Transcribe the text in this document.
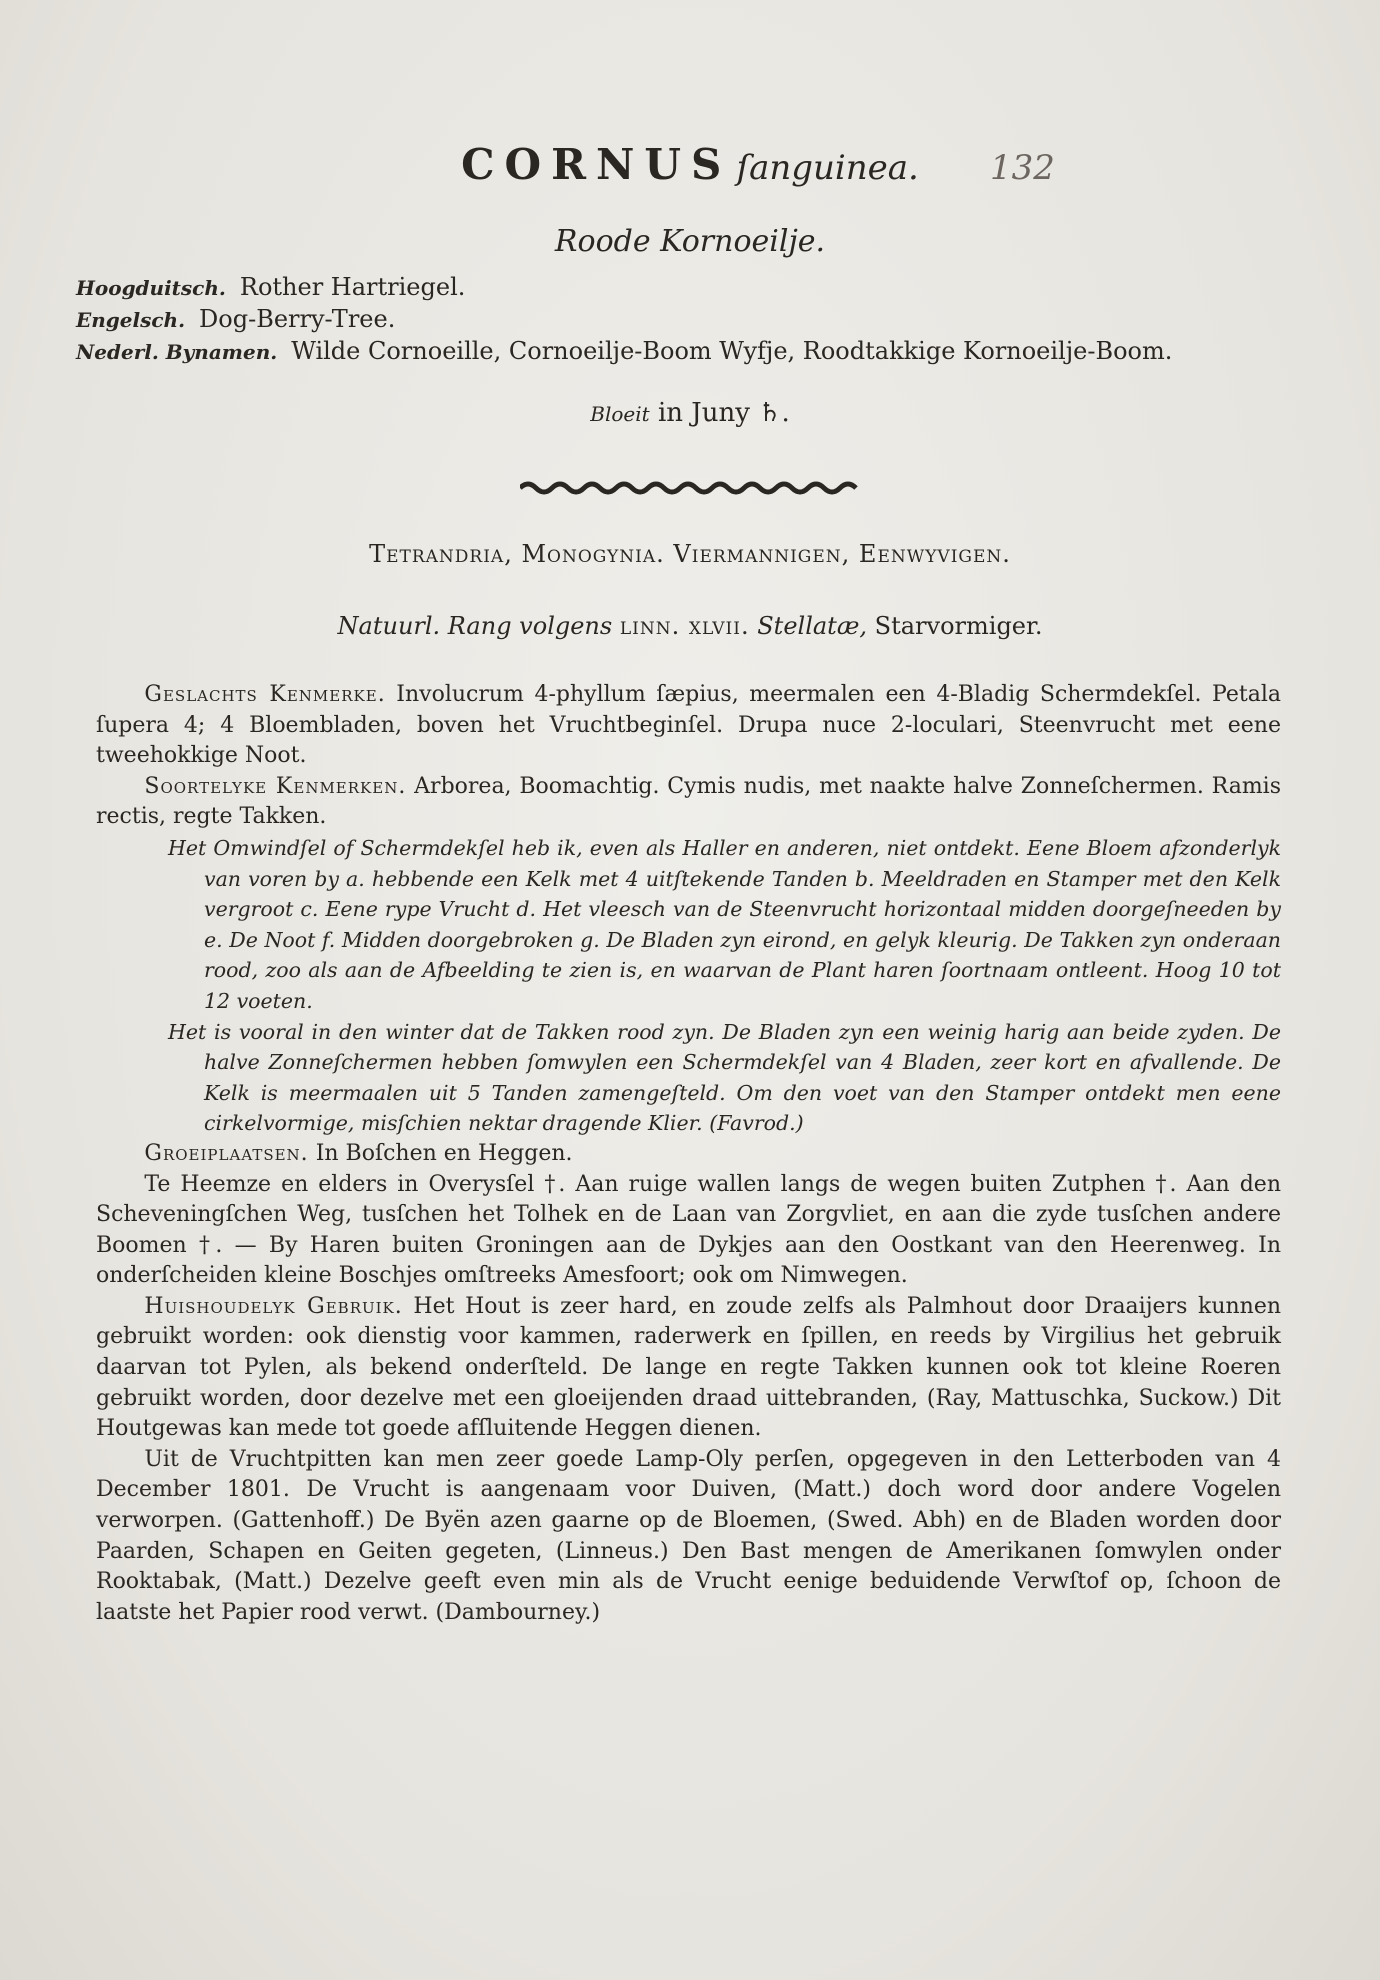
CORNUS ſanguinea.	132
Roode Kornoeilje.
Hoogduitsch. Rother Hartriegel.
Engelsch. Dog-Berry-Tree.
Nederl. Bynamen. Wilde Cornoeille, Cornoeilje-Boom Wyfje, Roodtakkige Kornoeilje-Boom.
Bloeit in Juny ♄.
Tetrandria, Monogynia. Viermannigen, Eenwyvigen.
Natuurl. Rang volgens linn. xlvii. Stellatæ, Starvormiger.

Geslachts Kenmerke. Involucrum 4-phyllum ſæpius, meermalen een 4-Bladig Schermdekſel. Petala ſupera 4; 4 Bloembladen, boven het Vruchtbeginſel. Drupa nuce 2-loculari, Steenvrucht met eene tweehokkige Noot.

Soortelyke Kenmerken. Arborea, Boomachtig. Cymis nudis, met naakte halve Zonneſchermen. Ramis rectis, regte Takken.

Het Omwindſel of Schermdekſel heb ik, even als Haller en anderen, niet ontdekt. Eene Bloem afzonderlyk van voren by a. hebbende een Kelk met 4 uitſtekende Tanden b. Meeldraden en Stamper met den Kelk vergroot c. Eene rype Vrucht d. Het vleesch van de Steenvrucht horizontaal midden doorgeſneeden by e. De Noot f. Midden doorgebroken g. De Bladen zyn eirond, en gelyk kleurig. De Takken zyn onderaan rood, zoo als aan de Afbeelding te zien is, en waarvan de Plant haren ſoortnaam ontleent. Hoog 10 tot 12 voeten.

Het is vooral in den winter dat de Takken rood zyn. De Bladen zyn een weinig harig aan beide zyden. De halve Zonneſchermen hebben ſomwylen een Schermdekſel van 4 Bladen, zeer kort en afvallende. De Kelk is meermaalen uit 5 Tanden zamengeſteld. Om den voet van den Stamper ontdekt men eene cirkelvormige, misſchien nektar dragende Klier. (Favrod.)

Groeiplaatsen. In Boſchen en Heggen.

Te Heemze en elders in Overysſel †. Aan ruige wallen langs de wegen buiten Zutphen †. Aan den Scheveningſchen Weg, tusſchen het Tolhek en de Laan van Zorgvliet, en aan die zyde tusſchen andere Boomen †. — By Haren buiten Groningen aan de Dykjes aan den Oostkant van den Heerenweg. In onderſcheiden kleine Boschjes omſtreeks Amesfoort; ook om Nimwegen.

Huishoudelyk Gebruik. Het Hout is zeer hard, en zoude zelfs als Palmhout door Draaijers kunnen gebruikt worden: ook dienstig voor kammen, raderwerk en ſpillen, en reeds by Virgilius het gebruik daarvan tot Pylen, als bekend onderſteld. De lange en regte Takken kunnen ook tot kleine Roeren gebruikt worden, door dezelve met een gloeijenden draad uittebranden, (Ray, Mattuschka, Suckow.) Dit Houtgewas kan mede tot goede afſluitende Heggen dienen.

Uit de Vruchtpitten kan men zeer goede Lamp-Oly perſen, opgegeven in den Letterboden van 4 December 1801. De Vrucht is aangenaam voor Duiven, (Matt.) doch word door andere Vogelen verworpen. (Gattenhoff.) De Byën azen gaarne op de Bloemen, (Swed. Abh) en de Bladen worden door Paarden, Schapen en Geiten gegeten, (Linneus.) Den Bast mengen de Amerikanen ſomwylen onder Rooktabak, (Matt.) Dezelve geeft even min als de Vrucht eenige beduidende Verwſtof op, ſchoon de laatste het Papier rood verwt. (Dambourney.)
